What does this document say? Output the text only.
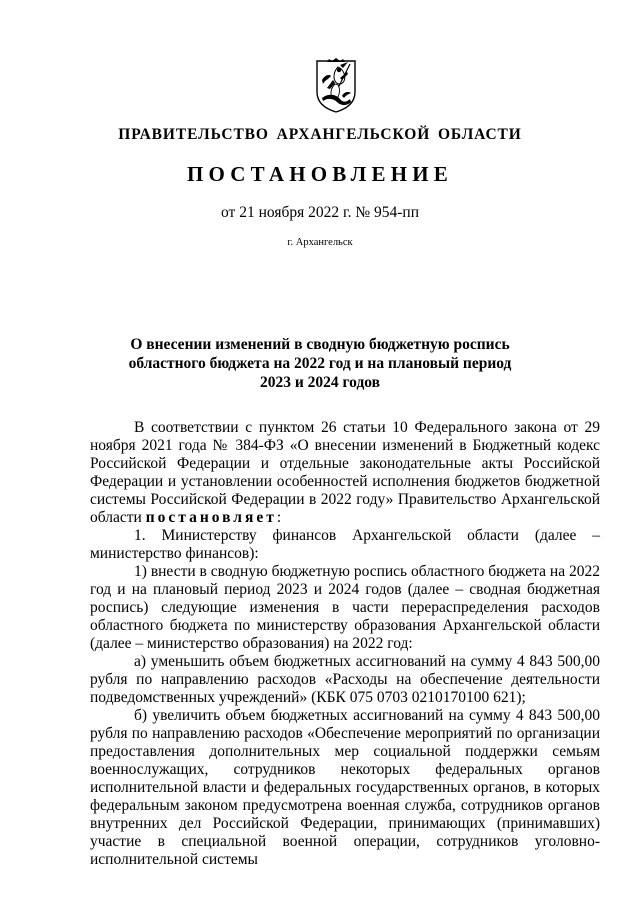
ПРАВИТЕЛЬСТВО АРХАНГЕЛЬСКОЙ ОБЛАСТИ
ПОСТАНОВЛЕНИЕ
от 21 ноября 2022 г. № 954-пп
г. Архангельск
О внесении изменений в сводную бюджетную роспись
областного бюджета на 2022 год и на плановый период
2023 и 2024 годов

В соответствии с пунктом 26 статьи 10 Федерального закона от 29 ноября 2021 года № 384-ФЗ «О внесении изменений в Бюджетный кодекс Российской Федерации и отдельные законодательные акты Российской Федерации и установлении особенностей исполнения бюджетов бюджетной системы Российской Федерации в 2022 году» Правительство Архангельской области постановляет:

1. Министерству финансов Архангельской области (далее – министерство финансов):

1) внести в сводную бюджетную роспись областного бюджета на 2022 год и на плановый период 2023 и 2024 годов (далее – сводная бюджетная роспись) следующие изменения в части перераспределения расходов областного бюджета по министерству образования Архангельской области (далее – министерство образования) на 2022 год:

а) уменьшить объем бюджетных ассигнований на сумму 4 843 500,00 рубля по направлению расходов «Расходы на обеспечение деятельности подведомственных учреждений» (КБК 075 0703 0210170100 621);

б) увеличить объем бюджетных ассигнований на сумму 4 843 500,00 рубля по направлению расходов «Обеспечение мероприятий по организации предоставления дополнительных мер социальной поддержки семьям военнослужащих, сотрудников некоторых федеральных органов исполнительной власти и федеральных государственных органов, в которых федеральным законом предусмотрена военная служба, сотрудников органов внутренних дел Российской Федерации, принимающих (принимавших) участие в специальной военной операции, сотрудников уголовно-исполнительной системы
